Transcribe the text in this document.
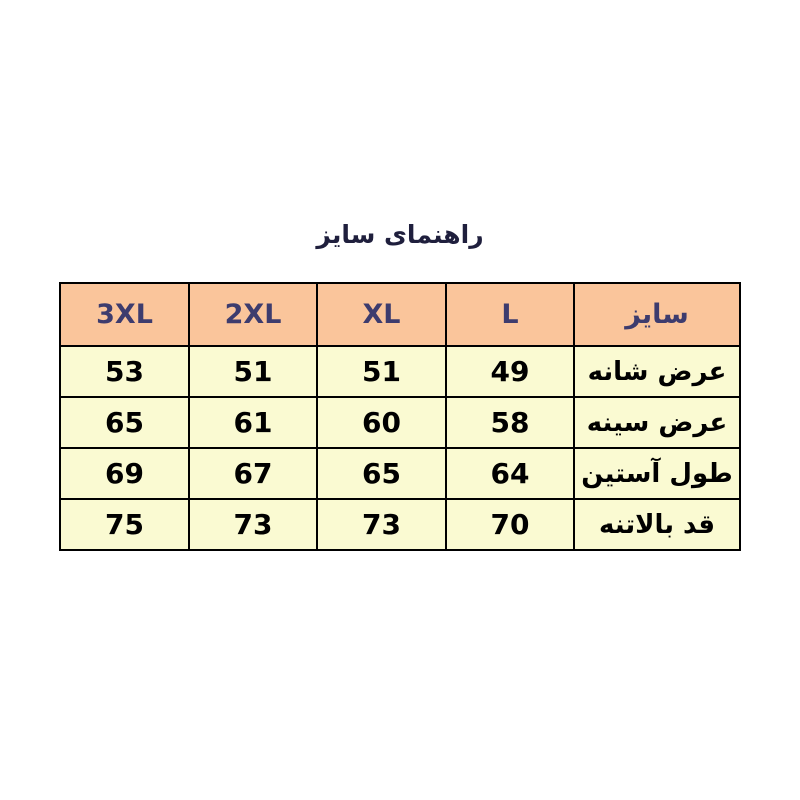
راهنمای سایز
سایز	L	XL	2XL	3XL
عرض شانه	49	51	51	53
عرض سینه	58	60	61	65
طول آستین	64	65	67	69
قد بالاتنه	70	73	73	75
